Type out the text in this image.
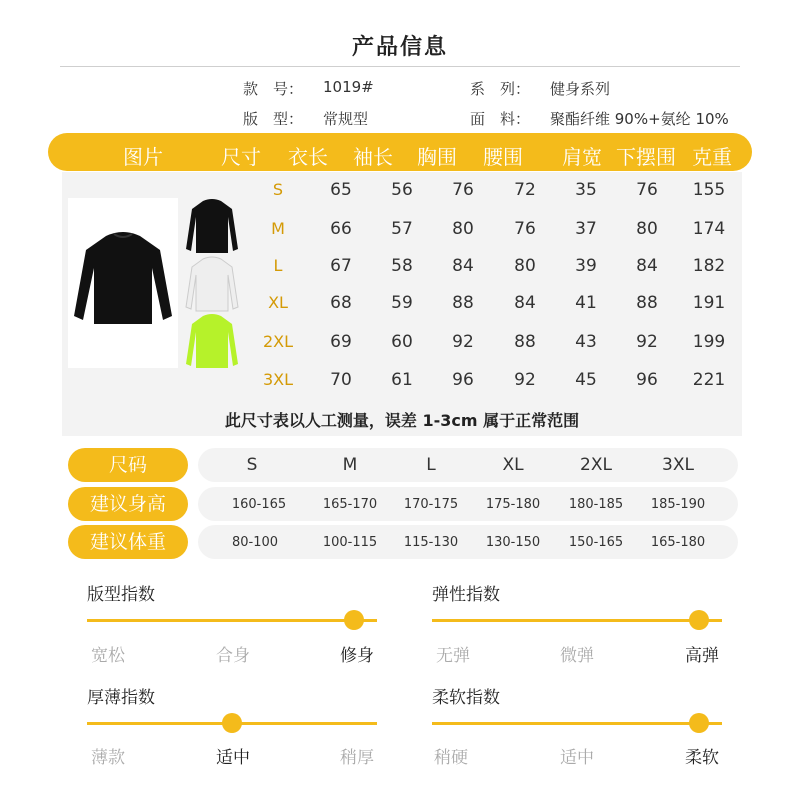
产品信息
款　号： 1019#	系　列： 健身系列
版　型： 常规型	面　料： 聚酯纤维 90%+氨纶 10%
图片	尺寸 衣长 袖长 胸围 腰围 肩宽 下摆围 克重
S	65 56 76 72 35 76 155
M	66 57 80 76 37 80 174
L	67 58 84 80 39 84 182
XL 68 59 88 84 41 88 191
2XL 69 60 92 88 43 92 199
3XL 70 61 96 92 45 96 221
此尺寸表以人工测量，误差 1-3cm 属于正常范围
尺码	S	M	L	XL	2XL	3XL
建议身高	160-165	165-170 170-175 175-180 180-185 185-190
建议体重	80-100	100-115 115-130 130-150 150-165 165-180
版型指数
宽松	合身	修身
弹性指数
无弹	微弹	高弹
厚薄指数
薄款	适中	稍厚
柔软指数
稍硬	适中	柔软
